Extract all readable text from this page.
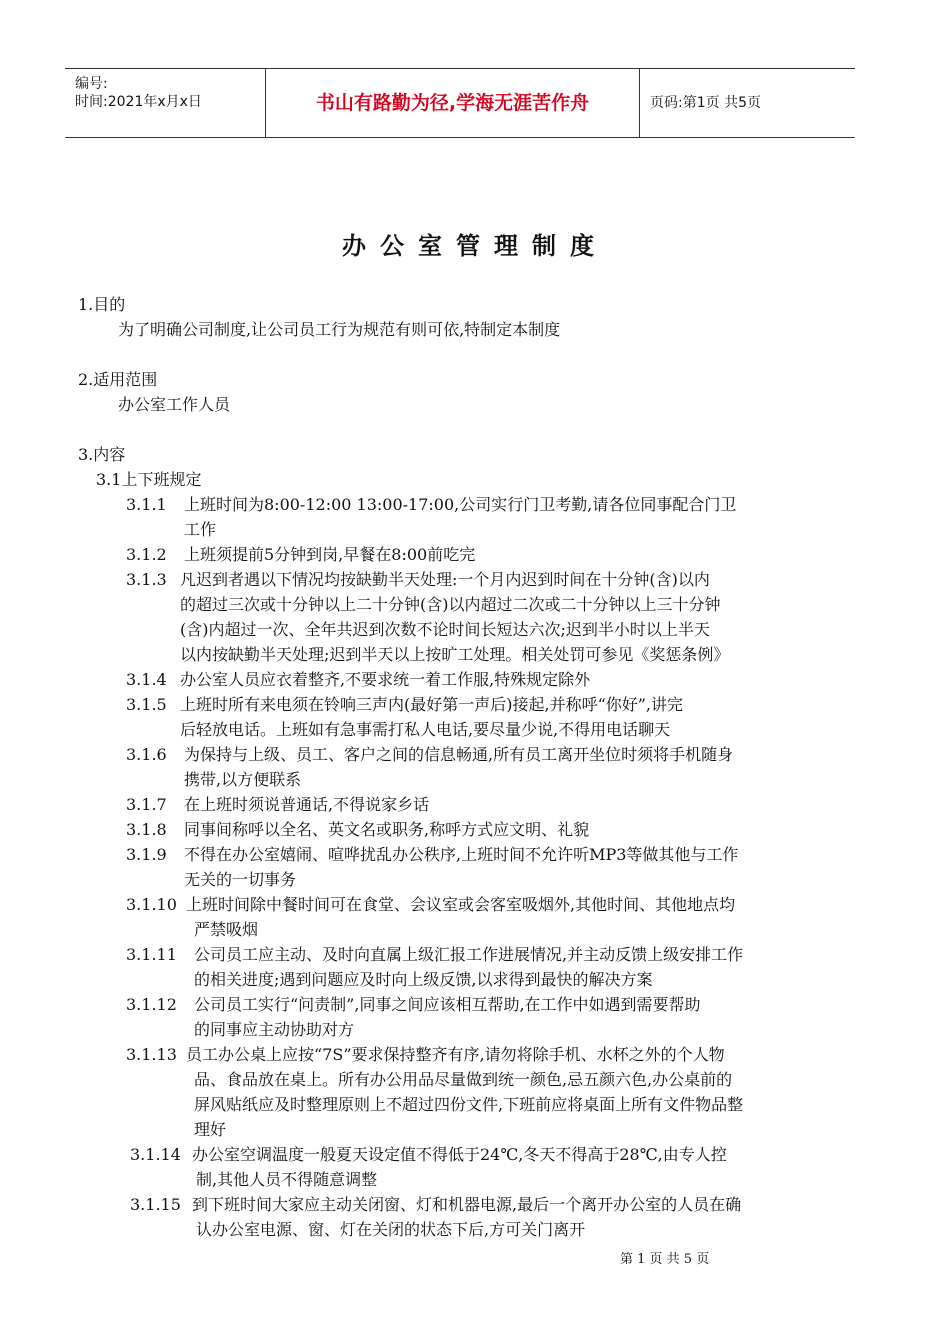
编号:
时间:2021年x月x日	书山有路勤为径,学海无涯苦作舟	页码:第1页 共5页
办公室管理制度
1.目的
为了明确公司制度,让公司员工行为规范有则可依,特制定本制度
2.适用范围
办公室工作人员
3.内容
3.1上下班规定
3.1.1 上班时间为8:00-12:00 13:00-17:00,公司实行门卫考勤,请各位同事配合门卫
工作
3.1.2 上班须提前5分钟到岗,早餐在8:00前吃完
3.1.3 凡迟到者遇以下情况均按缺勤半天处理:一个月内迟到时间在十分钟(含)以内
的超过三次或十分钟以上二十分钟(含)以内超过二次或二十分钟以上三十分钟
(含)内超过一次、全年共迟到次数不论时间长短达六次;迟到半小时以上半天
以内按缺勤半天处理;迟到半天以上按旷工处理。相关处罚可参见《奖惩条例》
3.1.4 办公室人员应衣着整齐,不要求统一着工作服,特殊规定除外
3.1.5 上班时所有来电须在铃响三声内(最好第一声后)接起,并称呼“你好”,讲完
后轻放电话。上班如有急事需打私人电话,要尽量少说,不得用电话聊天
3.1.6 为保持与上级、员工、客户之间的信息畅通,所有员工离开坐位时须将手机随身
携带,以方便联系
3.1.7 在上班时须说普通话,不得说家乡话
3.1.8 同事间称呼以全名、英文名或职务,称呼方式应文明、礼貌
3.1.9 不得在办公室嬉闹、喧哗扰乱办公秩序,上班时间不允许听MP3等做其他与工作
无关的一切事务
3.1.10 上班时间除中餐时间可在食堂、会议室或会客室吸烟外,其他时间、其他地点均
严禁吸烟
3.1.11 公司员工应主动、及时向直属上级汇报工作进展情况,并主动反馈上级安排工作
的相关进度;遇到问题应及时向上级反馈,以求得到最快的解决方案
3.1.12 公司员工实行“问责制”,同事之间应该相互帮助,在工作中如遇到需要帮助
的同事应主动协助对方
3.1.13 员工办公桌上应按“7S”要求保持整齐有序,请勿将除手机、水杯之外的个人物
品、食品放在桌上。所有办公用品尽量做到统一颜色,忌五颜六色,办公桌前的
屏风贴纸应及时整理原则上不超过四份文件,下班前应将桌面上所有文件物品整
理好
3.1.14 办公室空调温度一般夏天设定值不得低于24℃,冬天不得高于28℃,由专人控
制,其他人员不得随意调整
3.1.15 到下班时间大家应主动关闭窗、灯和机器电源,最后一个离开办公室的人员在确
认办公室电源、窗、灯在关闭的状态下后,方可关门离开
第 1 页 共 5 页
